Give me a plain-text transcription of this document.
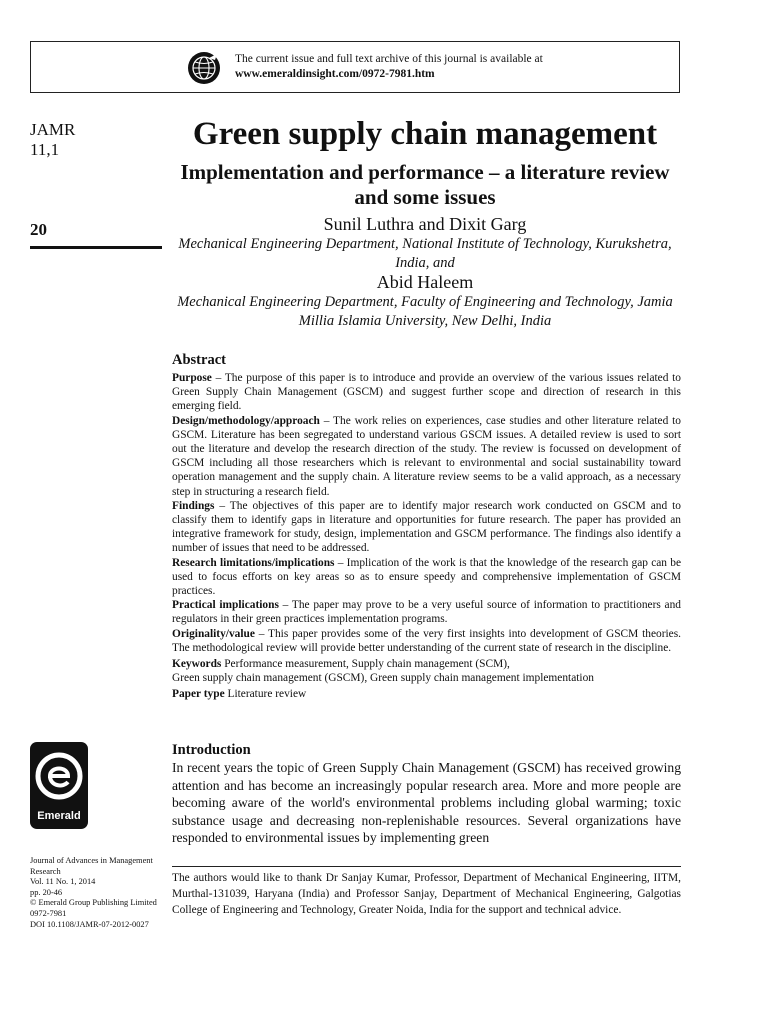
The current issue and full text archive of this journal is available at
www.emeraldinsight.com/0972-7981.htm
JAMR
11,1
20
Green supply chain management
Implementation and performance – a literature review and some issues
Sunil Luthra and Dixit Garg
Mechanical Engineering Department, National Institute of Technology, Kurukshetra, India, and
Abid Haleem
Mechanical Engineering Department, Faculty of Engineering and Technology, Jamia Millia Islamia University, New Delhi, India
Abstract

Purpose – The purpose of this paper is to introduce and provide an overview of the various issues related to Green Supply Chain Management (GSCM) and suggest further scope and direction of research in this emerging field.

Design/methodology/approach – The work relies on experiences, case studies and other literature related to GSCM. Literature has been segregated to understand various GSCM issues. A detailed review is used to sort out the literature and develop the research direction of the study. The review is focussed on development of GSCM including all those researchers which is relevant to environmental and social sustainability toward operation management and the supply chain. A literature review seems to be a valid approach, as a necessary step in structuring a research field.

Findings – The objectives of this paper are to identify major research work conducted on GSCM and to classify them to identify gaps in literature and opportunities for future research. The paper has provided an integrative framework for study, design, implementation and GSCM performance. The findings also identify a number of issues that need to be addressed.

Research limitations/implications – Implication of the work is that the knowledge of the research gap can be used to focus efforts on key areas so as to ensure speedy and comprehensive implementation of GSCM practices.

Practical implications – The paper may prove to be a very useful source of information to practitioners and regulators in their green practices implementation programs.

Originality/value – This paper provides some of the very first insights into development of GSCM theories. The methodological review will provide better understanding of the current state of research in the discipline.

Keywords Performance measurement, Supply chain management (SCM),
Green supply chain management (GSCM), Green supply chain management implementation

Paper type Literature review

Emerald
Introduction

In recent years the topic of Green Supply Chain Management (GSCM) has received growing attention and has become an increasingly popular research area. More and more people are becoming aware of the world's environmental problems including global warming; toxic substance usage and decreasing non-replenishable resources. Several organizations have responded to environmental issues by implementing green

The authors would like to thank Dr Sanjay Kumar, Professor, Department of Mechanical Engineering, IITM, Murthal-131039, Haryana (India) and Professor Sanjay, Department of Mechanical Engineering, Galgotias College of Engineering and Technology, Greater Noida, India for the support and technical advice.

Journal of Advances in Management Research
Vol. 11 No. 1, 2014
pp. 20-46
© Emerald Group Publishing Limited
0972-7981
DOI 10.1108/JAMR-07-2012-0027
